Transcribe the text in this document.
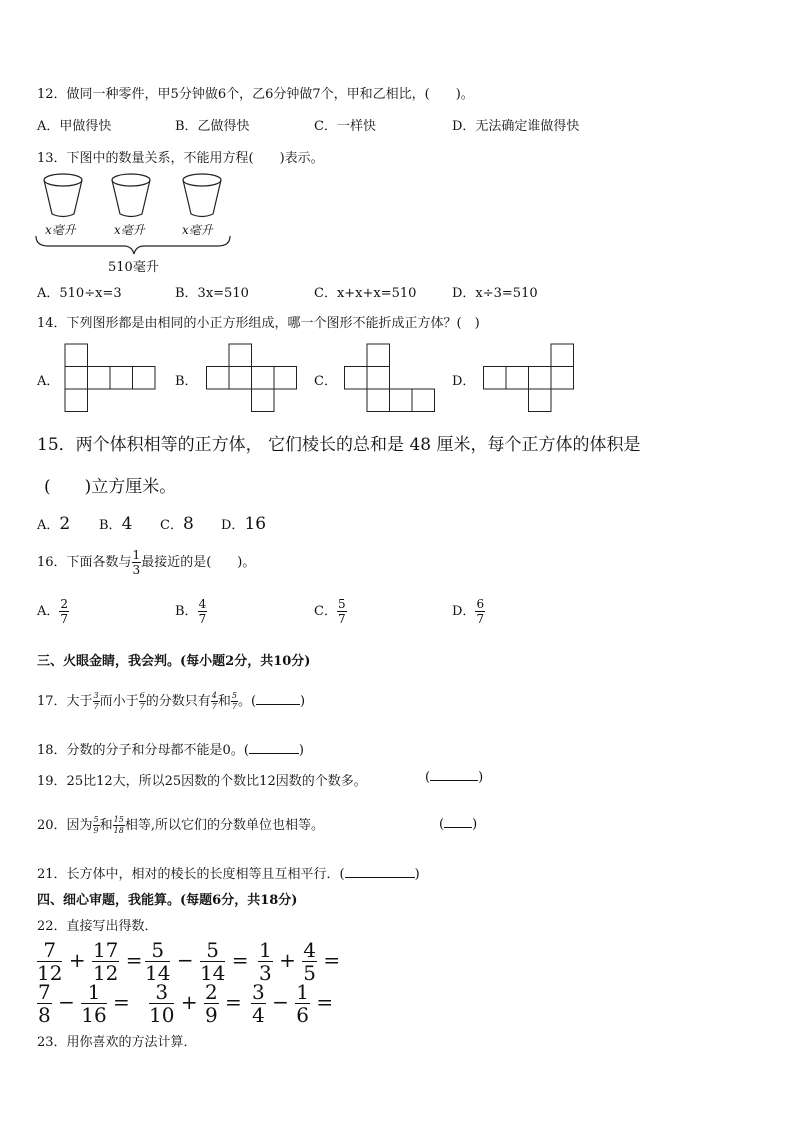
12．做同一种零件，甲5分钟做6个，乙6分钟做7个，甲和乙相比，(　　)。
A．甲做得快	B．乙做得快	C．一样快	D．无法确定谁做得快
13．下图中的数量关系，不能用方程(　　)表示。
x毫升	x毫升	x毫升
510毫升
A．510÷x=3	B．3x=510	C．x+x+x=510	D．x÷3=510
14．下列图形都是由相同的小正方形组成，哪一个图形不能折成正方体？(　)
A．	B．	C．	D．
15．两个体积相等的正方体， 它们棱长的总和是 48 厘米，每个正方体的体积是
(　　)立方厘米。
A．2 B．4 C．8 D．16
16．下面各数与 $\frac{1}{3}$ 最接近的是(　　)。
A． $\frac{2}{7}$	B． $\frac{4}{7}$	C． $\frac{5}{7}$	D． $\frac{6}{7}$
三、火眼金睛，我会判。(每小题2分，共10分)
17．大于 $\frac{3}{7}$ 而小于 $\frac{6}{7}$ 的分数只有 $\frac{4}{7}$ 和 $\frac{5}{7}$ 。(	)
18．分数的分子和分母都不能是0。(	)
19．25比12大，所以25因数的个数比12因数的个数多。	(	)
20．因为 $\frac{5}{9}$ 和 $\frac{15}{18}$ 相等,所以它们的分数单位也相等。	( )
21．长方体中，相对的棱长的长度相等且互相平行．(	)
四、细心审题，我能算。(每题6分，共18分)
22．直接写出得数．
$\frac{7}{12} + \frac{17}{12} = \frac{5}{14} - \frac{5}{14} = \frac{1}{3} + \frac{4}{5}$ =
$\frac{7}{8} - \frac{1}{16} = \frac{3}{10} + \frac{2}{9} = \frac{3}{4} - \frac{1}{6}$ =
23．用你喜欢的方法计算．
